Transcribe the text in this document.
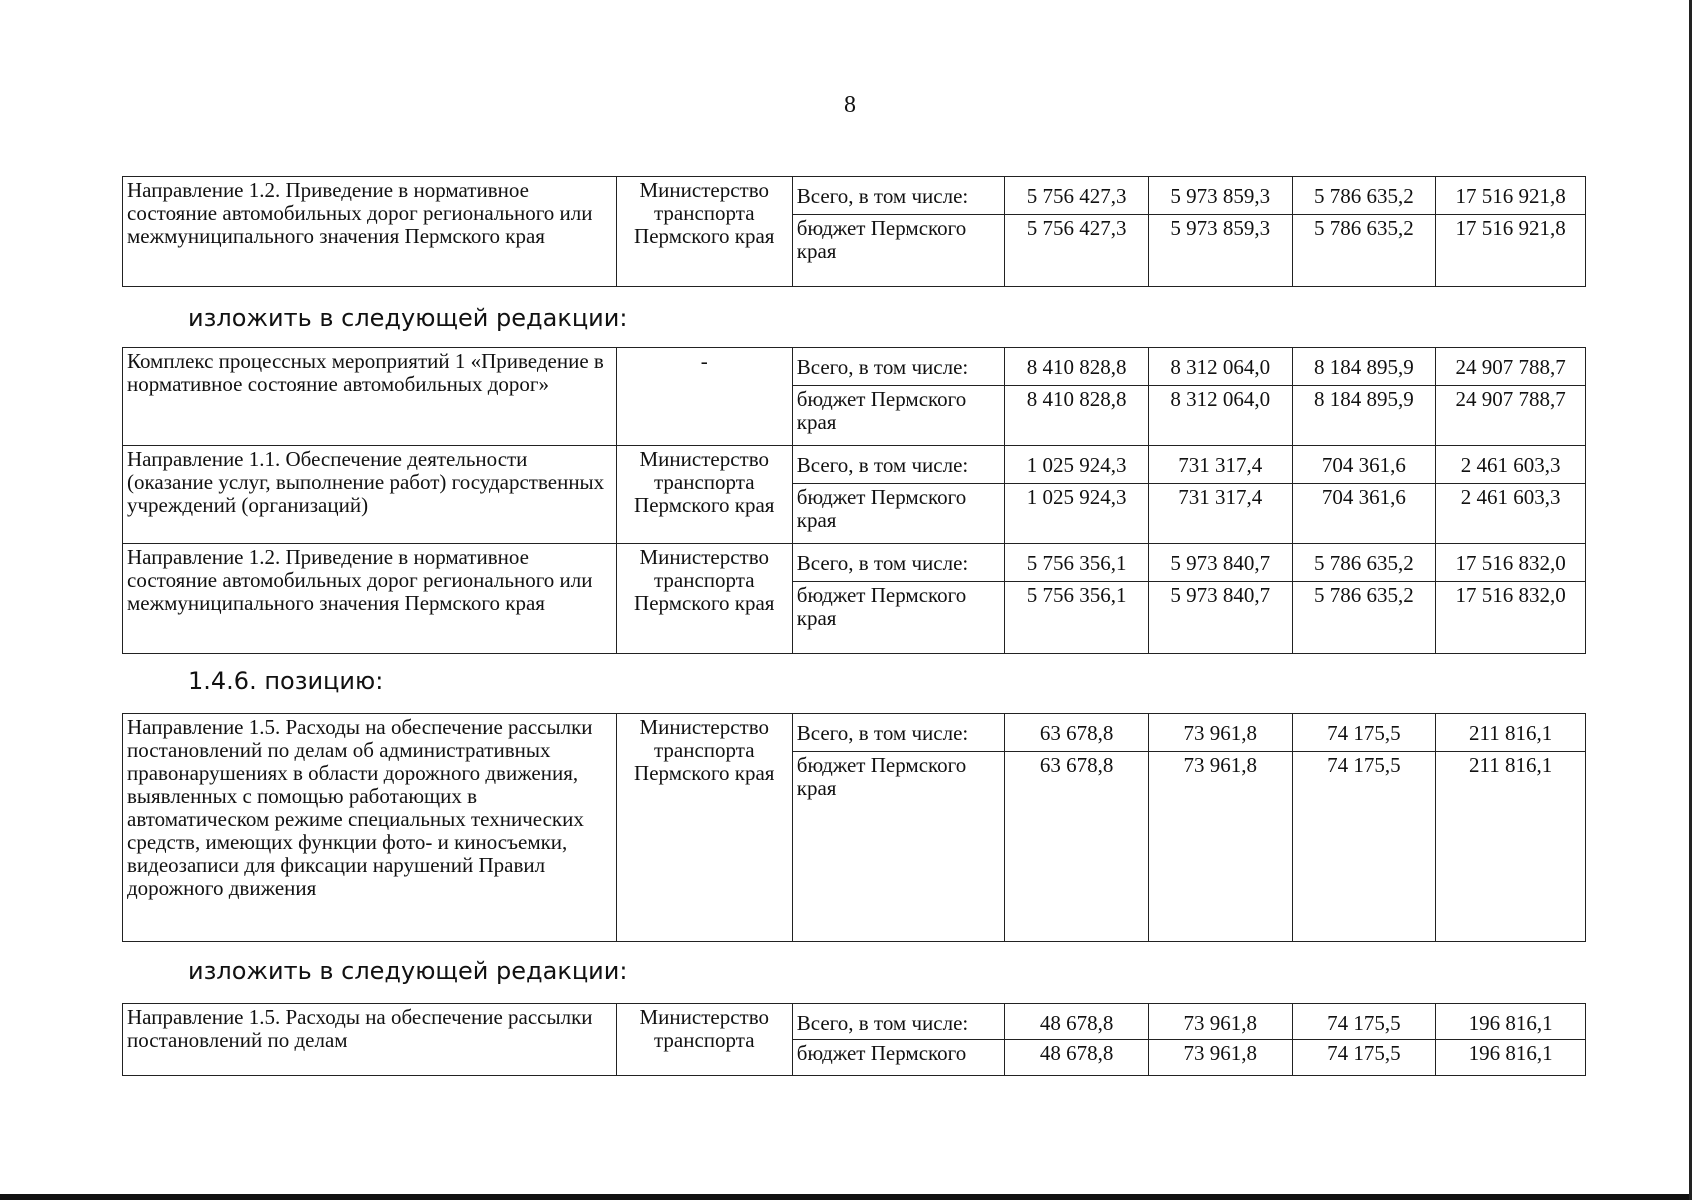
8
Направление 1.2. Приведение в нормативное состояние автомобильных дорог регионального или межмуниципального значения Пермского края	Министерство транспорта Пермского края	Всего, в том числе:	5 756 427,3	5 973 859,3	5 786 635,2	17 516 921,8
		бюджет Пермского края	5 756 427,3	5 973 859,3	5 786 635,2	17 516 921,8
изложить в следующей редакции:
Комплекс процессных мероприятий 1 «Приведение в нормативное состояние автомобильных дорог»	-	Всего, в том числе:	8 410 828,8	8 312 064,0	8 184 895,9	24 907 788,7
		бюджет Пермского края	8 410 828,8	8 312 064,0	8 184 895,9	24 907 788,7
Направление 1.1. Обеспечение деятельности (оказание услуг, выполнение работ) государственных учреждений (организаций)	Министерство транспорта Пермского края	Всего, в том числе:	1 025 924,3	731 317,4	704 361,6	2 461 603,3
		бюджет Пермского края	1 025 924,3	731 317,4	704 361,6	2 461 603,3
Направление 1.2. Приведение в нормативное состояние автомобильных дорог регионального или межмуниципального значения Пермского края	Министерство транспорта Пермского края	Всего, в том числе:	5 756 356,1	5 973 840,7	5 786 635,2	17 516 832,0
		бюджет Пермского края	5 756 356,1	5 973 840,7	5 786 635,2	17 516 832,0
1.4.6. позицию:
Направление 1.5. Расходы на обеспечение рассылки постановлений по делам об административных правонарушениях в области дорожного движения, выявленных с помощью работающих в автоматическом режиме специальных технических средств, имеющих функции фото- и киносъемки, видеозаписи для фиксации нарушений Правил дорожного движения	Министерство транспорта Пермского края	Всего, в том числе:	63 678,8	73 961,8	74 175,5	211 816,1
		бюджет Пермского края	63 678,8	73 961,8	74 175,5	211 816,1
изложить в следующей редакции:
Направление 1.5. Расходы на обеспечение рассылки постановлений по делам	Министерство транспорта	Всего, в том числе:	48 678,8	73 961,8	74 175,5	196 816,1
		бюджет Пермского	48 678,8	73 961,8	74 175,5	196 816,1
